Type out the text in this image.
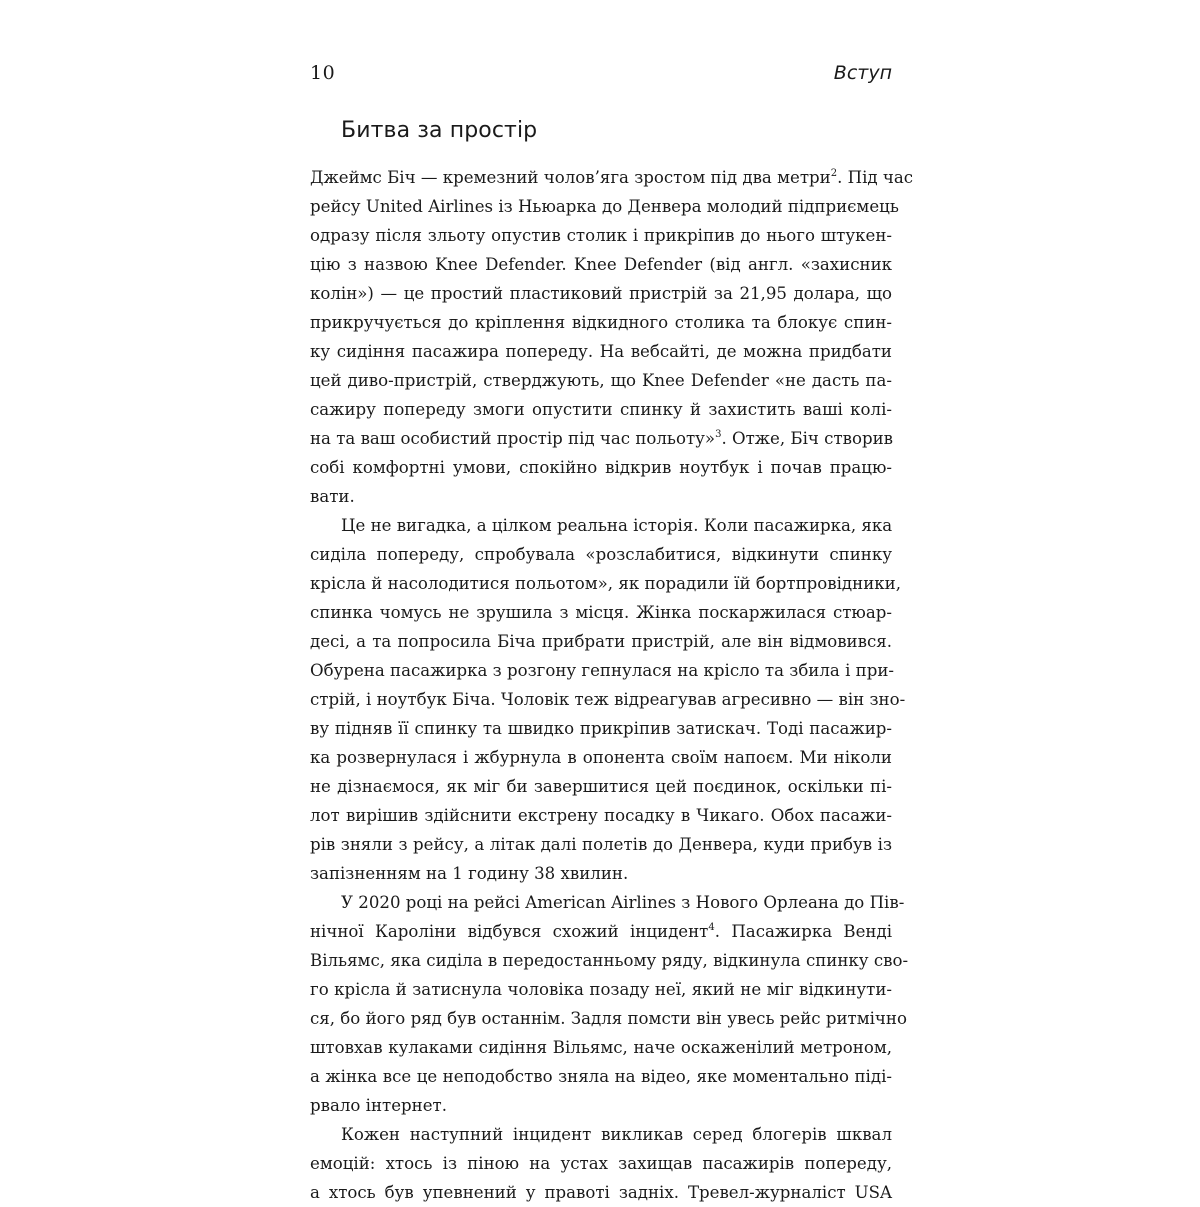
10	Вступ
Битва за простір
Джеймс Біч — кремезний чолов’яга зростом під два метри$^2$. Під час
рейсу United Airlines із Ньюарка до Денвера молодий підприємець
одразу після зльоту опустив столик і прикріпив до нього штукен-
цію з назвою Knee Defender. Knee Defender (від англ. «захисник
колін») — це простий пластиковий пристрій за 21,95 долара, що
прикручується до кріплення відкидного столика та блокує спин-
ку сидіння пасажира попереду. На вебсайті, де можна придбати
цей диво-пристрій, стверджують, що Knee Defender «не дасть па-
сажиру попереду змоги опустити спинку й захистить ваші колі-
на та ваш особистий простір під час польоту»$^3$. Отже, Біч створив
собі комфортні умови, спокійно відкрив ноутбук і почав працю-
вати.
Це не вигадка, а цілком реальна історія. Коли пасажирка, яка
сиділа попереду, спробувала «розслабитися, відкинути спинку
крісла й насолодитися польотом», як порадили їй бортпровідники,
спинка чомусь не зрушила з місця. Жінка поскаржилася стюар-
десі, а та попросила Біча прибрати пристрій, але він відмовився.
Обурена пасажирка з розгону гепнулася на крісло та збила і при-
стрій, і ноутбук Біча. Чоловік теж відреагував агресивно — він зно-
ву підняв її спинку та швидко прикріпив затискач. Тоді пасажир-
ка розвернулася і жбурнула в опонента своїм напоєм. Ми ніколи
не дізнаємося, як міг би завершитися цей поєдинок, оскільки пі-
лот вирішив здійснити екстрену посадку в Чикаго. Обох пасажи-
рів зняли з рейсу, а літак далі полетів до Денвера, куди прибув із
запізненням на 1 годину 38 хвилин.
У 2020 році на рейсі American Airlines з Нового Орлеана до Пів-
нічної Кароліни відбувся схожий інцидент$^4$. Пасажирка Венді
Вільямс, яка сиділа в передостанньому ряду, відкинула спинку сво-
го крісла й затиснула чоловіка позаду неї, який не міг відкинути-
ся, бо його ряд був останнім. Задля помсти він увесь рейс ритмічно
штовхав кулаками сидіння Вільямс, наче оскаженілий метроном,
а жінка все це неподобство зняла на відео, яке моментально піді-
рвало інтернет.
Кожен наступний інцидент викликав серед блогерів шквал
емоцій: хтось із піною на устах захищав пасажирів попереду,
а хтось був упевнений у правоті задніх. Тревел-журналіст USA
